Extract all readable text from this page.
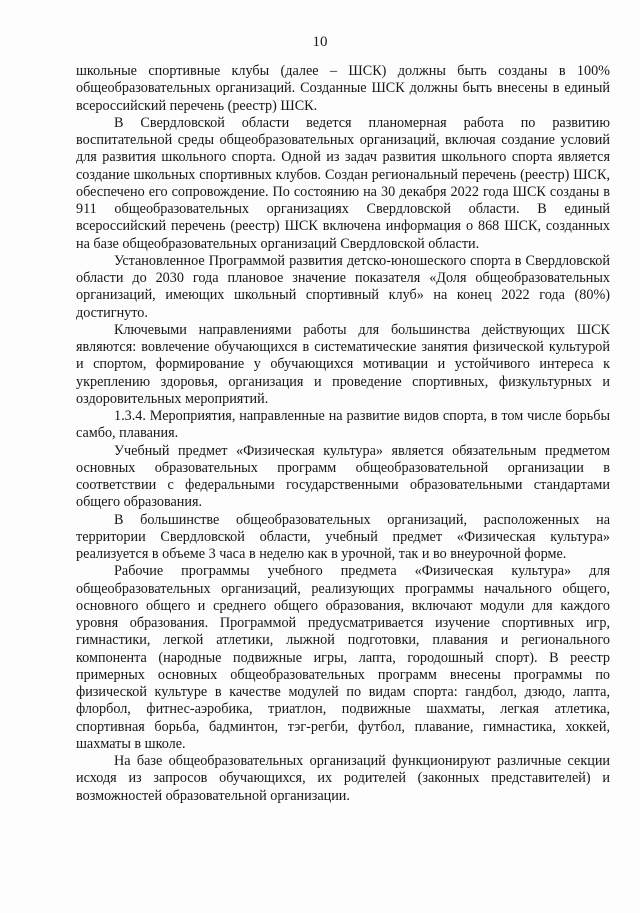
10

школьные спортивные клубы (далее – ШСК) должны быть созданы в 100% общеобразовательных организаций. Созданные ШСК должны быть внесены в единый всероссийский перечень (реестр) ШСК.

В Свердловской области ведется планомерная работа по развитию воспитательной среды общеобразовательных организаций, включая создание условий для развития школьного спорта. Одной из задач развития школьного спорта является создание школьных спортивных клубов. Создан региональный перечень (реестр) ШСК, обеспечено его сопровождение. По состоянию на 30 декабря 2022 года ШСК созданы в 911 общеобразовательных организациях Свердловской области. В единый всероссийский перечень (реестр) ШСК включена информация о 868 ШСК, созданных на базе общеобразовательных организаций Свердловской области.

Установленное Программой развития детско-юношеского спорта в Свердловской области до 2030 года плановое значение показателя «Доля общеобразовательных организаций, имеющих школьный спортивный клуб» на конец 2022 года (80%) достигнуто.

Ключевыми направлениями работы для большинства действующих ШСК являются: вовлечение обучающихся в систематические занятия физической культурой и спортом, формирование у обучающихся мотивации и устойчивого интереса к укреплению здоровья, организация и проведение спортивных, физкультурных и оздоровительных мероприятий.

1.3.4. Мероприятия, направленные на развитие видов спорта, в том числе борьбы самбо, плавания.

Учебный предмет «Физическая культура» является обязательным предметом основных образовательных программ общеобразовательной организации в соответствии с федеральными государственными образовательными стандартами общего образования.

В большинстве общеобразовательных организаций, расположенных на территории Свердловской области, учебный предмет «Физическая культура» реализуется в объеме 3 часа в неделю как в урочной, так и во внеурочной форме.

Рабочие программы учебного предмета «Физическая культура» для общеобразовательных организаций, реализующих программы начального общего, основного общего и среднего общего образования, включают модули для каждого уровня образования. Программой предусматривается изучение спортивных игр, гимнастики, легкой атлетики, лыжной подготовки, плавания и регионального компонента (народные подвижные игры, лапта, городошный спорт). В реестр примерных основных общеобразовательных программ внесены программы по физической культуре в качестве модулей по видам спорта: гандбол, дзюдо, лапта, флорбол, фитнес-аэробика, триатлон, подвижные шахматы, легкая атлетика, спортивная борьба, бадминтон, тэг-регби, футбол, плавание, гимнастика, хоккей, шахматы в школе.

На базе общеобразовательных организаций функционируют различные секции исходя из запросов обучающихся, их родителей (законных представителей) и возможностей образовательной организации.
